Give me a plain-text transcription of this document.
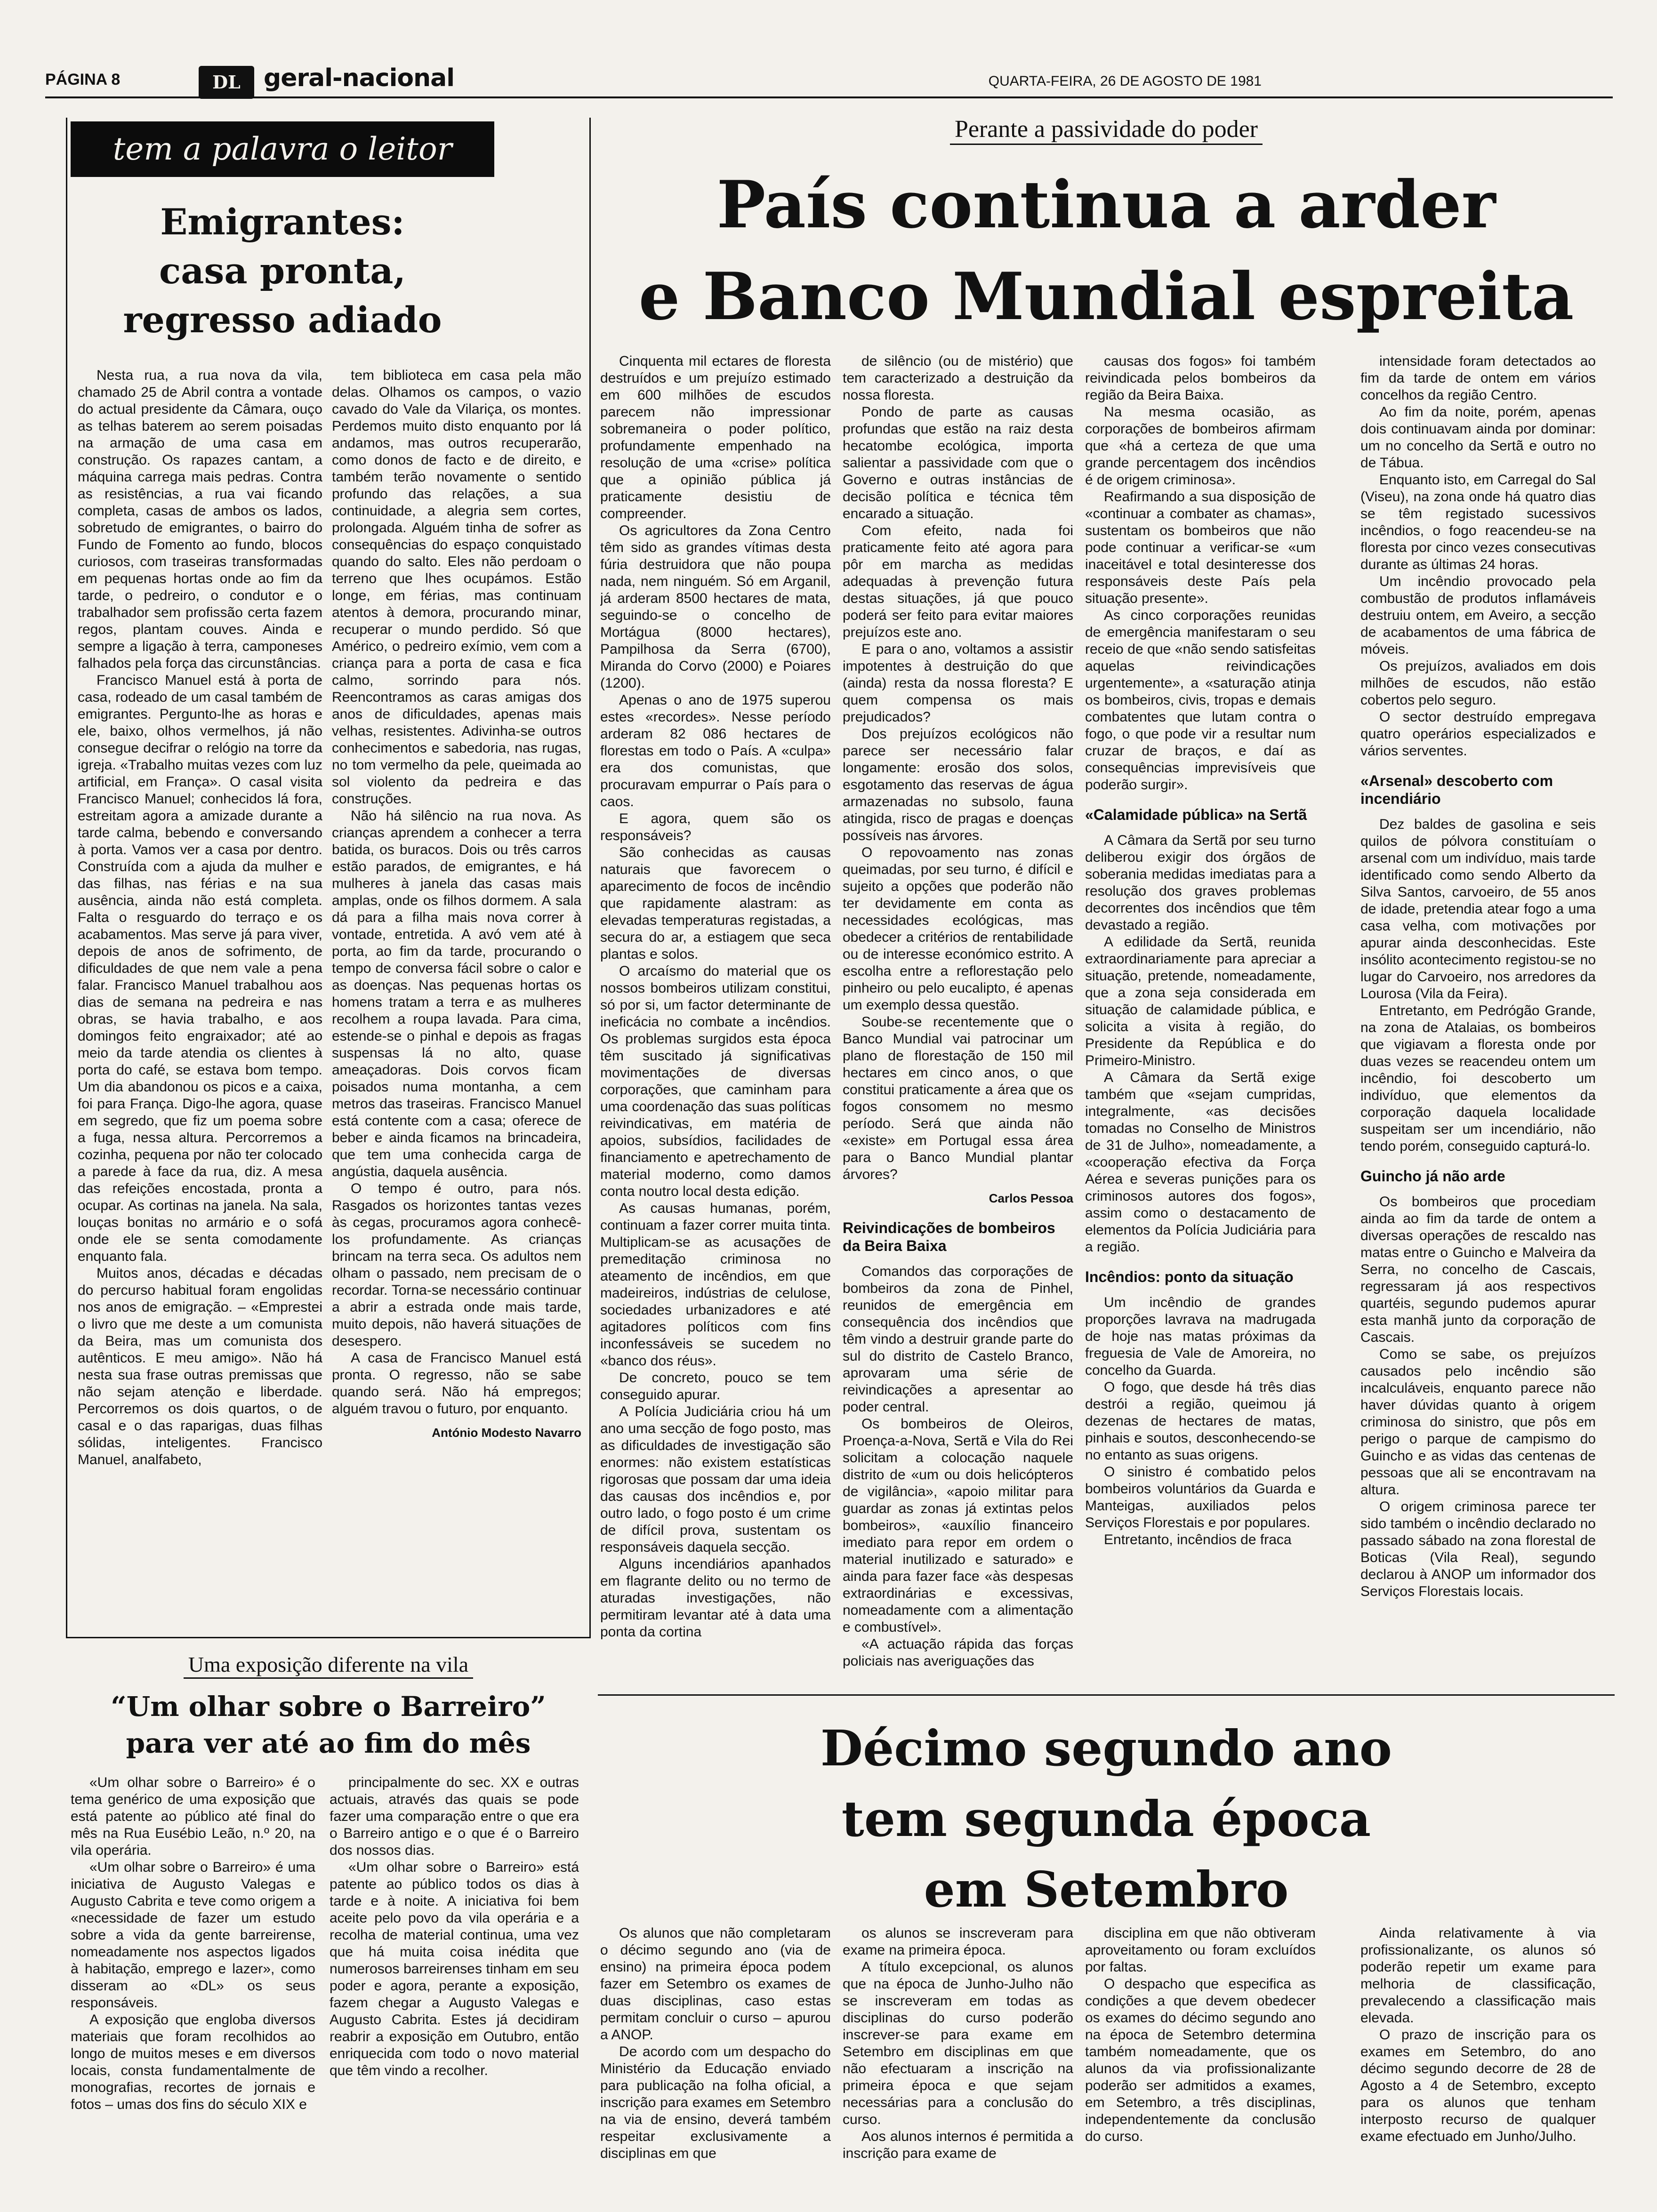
PÁGINA 8	DL geral-nacional	QUARTA-FEIRA, 26 DE AGOSTO DE 1981
tem a palavra o leitor
Emigrantes:
casa pronta,
regresso adiado

Nesta rua, a rua nova da vila, chamado 25 de Abril contra a vontade do actual presidente da Câmara, ouço as telhas baterem ao serem poisadas na armação de uma casa em construção. Os rapazes cantam, a máquina carrega mais pedras. Contra as resistências, a rua vai ficando completa, casas de ambos os lados, sobretudo de emigrantes, o bairro do Fundo de Fomento ao fundo, blocos curiosos, com traseiras transformadas em pequenas hortas onde ao fim da tarde, o pedreiro, o condutor e o trabalhador sem profissão certa fazem regos, plantam couves. Ainda e sempre a ligação à terra, camponeses falhados pela força das circunstâncias.

Francisco Manuel está à porta de casa, rodeado de um casal também de emigrantes. Pergunto-lhe as horas e ele, baixo, olhos vermelhos, já não consegue decifrar o relógio na torre da igreja. «Trabalho muitas vezes com luz artificial, em França». O casal visita Francisco Manuel; conhecidos lá fora, estreitam agora a amizade durante a tarde calma, bebendo e conversando à porta. Vamos ver a casa por dentro. Construída com a ajuda da mulher e das filhas, nas férias e na sua ausência, ainda não está completa. Falta o resguardo do terraço e os acabamentos. Mas serve já para viver, depois de anos de sofrimento, de dificuldades de que nem vale a pena falar. Francisco Manuel trabalhou aos dias de semana na pedreira e nas obras, se havia trabalho, e aos domingos feito engraixador; até ao meio da tarde atendia os clientes à porta do café, se estava bom tempo. Um dia abandonou os picos e a caixa, foi para França. Digo-lhe agora, quase em segredo, que fiz um poema sobre a fuga, nessa altura. Percorremos a cozinha, pequena por não ter colocado a parede à face da rua, diz. A mesa das refeições encostada, pronta a ocupar. As cortinas na janela. Na sala, louças bonitas no armário e o sofá onde ele se senta comodamente enquanto fala.

Muitos anos, décadas e décadas do percurso habitual foram engolidas nos anos de emigração. – «Emprestei o livro que me deste a um comunista da Beira, mas um comunista dos autênticos. E meu amigo». Não há nesta sua frase outras premissas que não sejam atenção e liberdade. Percorremos os dois quartos, o de casal e o das raparigas, duas filhas sólidas, inteligentes. Francisco Manuel, analfabeto,

tem biblioteca em casa pela mão delas. Olhamos os campos, o vazio cavado do Vale da Vilariça, os montes. Perdemos muito disto enquanto por lá andamos, mas outros recuperarão, como donos de facto e de direito, e também terão novamente o sentido profundo das relações, a sua continuidade, a alegria sem cortes, prolongada. Alguém tinha de sofrer as consequências do espaço conquistado quando do salto. Eles não perdoam o terreno que lhes ocupámos. Estão longe, em férias, mas continuam atentos à demora, procurando minar, recuperar o mundo perdido. Só que Américo, o pedreiro exímio, vem com a criança para a porta de casa e fica calmo, sorrindo para nós. Reencontramos as caras amigas dos anos de dificuldades, apenas mais velhas, resistentes. Adivinha-se outros conhecimentos e sabedoria, nas rugas, no tom vermelho da pele, queimada ao sol violento da pedreira e das construções.

Não há silêncio na rua nova. As crianças aprendem a conhecer a terra batida, os buracos. Dois ou três carros estão parados, de emigrantes, e há mulheres à janela das casas mais amplas, onde os filhos dormem. A sala dá para a filha mais nova correr à vontade, entretida. A avó vem até à porta, ao fim da tarde, procurando o tempo de conversa fácil sobre o calor e as doenças. Nas pequenas hortas os homens tratam a terra e as mulheres recolhem a roupa lavada. Para cima, estende-se o pinhal e depois as fragas suspensas lá no alto, quase ameaçadoras. Dois corvos ficam poisados numa montanha, a cem metros das traseiras. Francisco Manuel está contente com a casa; oferece de beber e ainda ficamos na brincadeira, que tem uma conhecida carga de angústia, daquela ausência.

O tempo é outro, para nós. Rasgados os horizontes tantas vezes às cegas, procuramos agora conhecê-los profundamente. As crianças brincam na terra seca. Os adultos nem olham o passado, nem precisam de o recordar. Torna-se necessário continuar a abrir a estrada onde mais tarde, muito depois, não haverá situações de desespero.

A casa de Francisco Manuel está pronta. O regresso, não se sabe quando será. Não há empregos; alguém travou o futuro, por enquanto.

António Modesto Navarro

Perante a passividade do poder
País continua a arder
e Banco Mundial espreita

Cinquenta mil ectares de floresta destruídos e um prejuízo estimado em 600 milhões de escudos parecem não impressionar sobremaneira o poder político, profundamente empenhado na resolução de uma «crise» política que a opinião pública já praticamente desistiu de compreender.

Os agricultores da Zona Centro têm sido as grandes vítimas desta fúria destruidora que não poupa nada, nem ninguém. Só em Arganil, já arderam 8500 hectares de mata, seguindo-se o concelho de Mortágua (8000 hectares), Pampilhosa da Serra (6700), Miranda do Corvo (2000) e Poiares (1200).

Apenas o ano de 1975 superou estes «recordes». Nesse período arderam 82 086 hectares de florestas em todo o País. A «culpa» era dos comunistas, que procuravam empurrar o País para o caos.

E agora, quem são os responsáveis?

São conhecidas as causas naturais que favorecem o aparecimento de focos de incêndio que rapidamente alastram: as elevadas temperaturas registadas, a secura do ar, a estiagem que seca plantas e solos.

O arcaísmo do material que os nossos bombeiros utilizam constitui, só por si, um factor determinante de ineficácia no combate a incêndios. Os problemas surgidos esta época têm suscitado já significativas movimentações de diversas corporações, que caminham para uma coordenação das suas políticas reivindicativas, em matéria de apoios, subsídios, facilidades de financiamento e apetrechamento de material moderno, como damos conta noutro local desta edição.

As causas humanas, porém, continuam a fazer correr muita tinta. Multiplicam-se as acusações de premeditação criminosa no ateamento de incêndios, em que madeireiros, indústrias de celulose, sociedades urbanizadores e até agitadores políticos com fins inconfessáveis se sucedem no «banco dos réus».

De concreto, pouco se tem conseguido apurar.

A Polícia Judiciária criou há um ano uma secção de fogo posto, mas as dificuldades de investigação são enormes: não existem estatísticas rigorosas que possam dar uma ideia das causas dos incêndios e, por outro lado, o fogo posto é um crime de difícil prova, sustentam os responsáveis daquela secção.

Alguns incendiários apanhados em flagrante delito ou no termo de aturadas investigações, não permitiram levantar até à data uma ponta da cortina

de silêncio (ou de mistério) que tem caracterizado a destruição da nossa floresta.

Pondo de parte as causas profundas que estão na raiz desta hecatombe ecológica, importa salientar a passividade com que o Governo e outras instâncias de decisão política e técnica têm encarado a situação.

Com efeito, nada foi praticamente feito até agora para pôr em marcha as medidas adequadas à prevenção futura destas situações, já que pouco poderá ser feito para evitar maiores prejuízos este ano.

E para o ano, voltamos a assistir impotentes à destruição do que (ainda) resta da nossa floresta? E quem compensa os mais prejudicados?

Dos prejuízos ecológicos não parece ser necessário falar longamente: erosão dos solos, esgotamento das reservas de água armazenadas no subsolo, fauna atingida, risco de pragas e doenças possíveis nas árvores.

O repovoamento nas zonas queimadas, por seu turno, é difícil e sujeito a opções que poderão não ter devidamente em conta as necessidades ecológicas, mas obedecer a critérios de rentabilidade ou de interesse económico estrito. A escolha entre a reflorestação pelo pinheiro ou pelo eucalipto, é apenas um exemplo dessa questão.

Soube-se recentemente que o Banco Mundial vai patrocinar um plano de florestação de 150 mil hectares em cinco anos, o que constitui praticamente a área que os fogos consomem no mesmo período. Será que ainda não «existe» em Portugal essa área para o Banco Mundial plantar árvores?

Carlos Pessoa

Reivindicações de bombeiros da Beira Baixa

Comandos das corporações de bombeiros da zona de Pinhel, reunidos de emergência em consequência dos incêndios que têm vindo a destruir grande parte do sul do distrito de Castelo Branco, aprovaram uma série de reivindicações a apresentar ao poder central.

Os bombeiros de Oleiros, Proença-a-Nova, Sertã e Vila do Rei solicitam a colocação naquele distrito de «um ou dois helicópteros de vigilância», «apoio militar para guardar as zonas já extintas pelos bombeiros», «auxílio financeiro imediato para repor em ordem o material inutilizado e saturado» e ainda para fazer face «às despesas extraordinárias e excessivas, nomeadamente com a alimentação e combustível».

«A actuação rápida das forças policiais nas averiguações das

causas dos fogos» foi também reivindicada pelos bombeiros da região da Beira Baixa.

Na mesma ocasião, as corporações de bombeiros afirmam que «há a certeza de que uma grande percentagem dos incêndios é de origem criminosa».

Reafirmando a sua disposição de «continuar a combater as chamas», sustentam os bombeiros que não pode continuar a verificar-se «um inaceitável e total desinteresse dos responsáveis deste País pela situação presente».

As cinco corporações reunidas de emergência manifestaram o seu receio de que «não sendo satisfeitas aquelas reivindicações urgentemente», a «saturação atinja os bombeiros, civis, tropas e demais combatentes que lutam contra o fogo, o que pode vir a resultar num cruzar de braços, e daí as consequências imprevisíveis que poderão surgir».

«Calamidade pública» na Sertã

A Câmara da Sertã por seu turno deliberou exigir dos órgãos de soberania medidas imediatas para a resolução dos graves problemas decorrentes dos incêndios que têm devastado a região.

A edilidade da Sertã, reunida extraordinariamente para apreciar a situação, pretende, nomeadamente, que a zona seja considerada em situação de calamidade pública, e solicita a visita à região, do Presidente da República e do Primeiro-Ministro.

A Câmara da Sertã exige também que «sejam cumpridas, integralmente, «as decisões tomadas no Conselho de Ministros de 31 de Julho», nomeadamente, a «cooperação efectiva da Força Aérea e severas punições para os criminosos autores dos fogos», assim como o destacamento de elementos da Polícia Judiciária para a região.

Incêndios: ponto da situação

Um incêndio de grandes proporções lavrava na madrugada de hoje nas matas próximas da freguesia de Vale de Amoreira, no concelho da Guarda.

O fogo, que desde há três dias destrói a região, queimou já dezenas de hectares de matas, pinhais e soutos, desconhecendo-se no entanto as suas origens.

O sinistro é combatido pelos bombeiros voluntários da Guarda e Manteigas, auxiliados pelos Serviços Florestais e por populares.

Entretanto, incêndios de fraca

intensidade foram detectados ao fim da tarde de ontem em vários concelhos da região Centro.

Ao fim da noite, porém, apenas dois continuavam ainda por dominar: um no concelho da Sertã e outro no de Tábua.

Enquanto isto, em Carregal do Sal (Viseu), na zona onde há quatro dias se têm registado sucessivos incêndios, o fogo reacendeu-se na floresta por cinco vezes consecutivas durante as últimas 24 horas.

Um incêndio provocado pela combustão de produtos inflamáveis destruiu ontem, em Aveiro, a secção de acabamentos de uma fábrica de móveis.

Os prejuízos, avaliados em dois milhões de escudos, não estão cobertos pelo seguro.

O sector destruído empregava quatro operários especializados e vários serventes.

«Arsenal» descoberto com incendiário

Dez baldes de gasolina e seis quilos de pólvora constituíam o arsenal com um indivíduo, mais tarde identificado como sendo Alberto da Silva Santos, carvoeiro, de 55 anos de idade, pretendia atear fogo a uma casa velha, com motivações por apurar ainda desconhecidas. Este insólito acontecimento registou-se no lugar do Carvoeiro, nos arredores da Lourosa (Vila da Feira).

Entretanto, em Pedrógão Grande, na zona de Atalaias, os bombeiros que vigiavam a floresta onde por duas vezes se reacendeu ontem um incêndio, foi descoberto um indivíduo, que elementos da corporação daquela localidade suspeitam ser um incendiário, não tendo porém, conseguido capturá-lo.

Guincho já não arde

Os bombeiros que procediam ainda ao fim da tarde de ontem a diversas operações de rescaldo nas matas entre o Guincho e Malveira da Serra, no concelho de Cascais, regressaram já aos respectivos quartéis, segundo pudemos apurar esta manhã junto da corporação de Cascais.

Como se sabe, os prejuízos causados pelo incêndio são incalculáveis, enquanto parece não haver dúvidas quanto à origem criminosa do sinistro, que pôs em perigo o parque de campismo do Guincho e as vidas das centenas de pessoas que ali se encontravam na altura.

O origem criminosa parece ter sido também o incêndio declarado no passado sábado na zona florestal de Boticas (Vila Real), segundo declarou à ANOP um informador dos Serviços Florestais locais.

Uma exposição diferente na vila
“Um olhar sobre o Barreiro”
para ver até ao fim do mês

«Um olhar sobre o Barreiro» é o tema genérico de uma exposição que está patente ao público até final do mês na Rua Eusébio Leão, n.º 20, na vila operária.

«Um olhar sobre o Barreiro» é uma iniciativa de Augusto Valegas e Augusto Cabrita e teve como origem a «necessidade de fazer um estudo sobre a vida da gente barreirense, nomeadamente nos aspectos ligados à habitação, emprego e lazer», como disseram ao «DL» os seus responsáveis.

A exposição que engloba diversos materiais que foram recolhidos ao longo de muitos meses e em diversos locais, consta fundamentalmente de monografias, recortes de jornais e fotos – umas dos fins do século XIX e

principalmente do sec. XX e outras actuais, através das quais se pode fazer uma comparação entre o que era o Barreiro antigo e o que é o Barreiro dos nossos dias.

«Um olhar sobre o Barreiro» está patente ao público todos os dias à tarde e à noite. A iniciativa foi bem aceite pelo povo da vila operária e a recolha de material continua, uma vez que há muita coisa inédita que numerosos barreirenses tinham em seu poder e agora, perante a exposição, fazem chegar a Augusto Valegas e Augusto Cabrita. Estes já decidiram reabrir a exposição em Outubro, então enriquecida com todo o novo material que têm vindo a recolher.

Décimo segundo ano
tem segunda época
em Setembro

Os alunos que não completaram o décimo segundo ano (via de ensino) na primeira época podem fazer em Setembro os exames de duas disciplinas, caso estas permitam concluir o curso – apurou a ANOP.

De acordo com um despacho do Ministério da Educação enviado para publicação na folha oficial, a inscrição para exames em Setembro na via de ensino, deverá também respeitar exclusivamente a disciplinas em que

os alunos se inscreveram para exame na primeira época.

A título excepcional, os alunos que na época de Junho-Julho não se inscreveram em todas as disciplinas do curso poderão inscrever-se para exame em Setembro em disciplinas em que não efectuaram a inscrição na primeira época e que sejam necessárias para a conclusão do curso.

Aos alunos internos é permitida a inscrição para exame de

disciplina em que não obtiveram aproveitamento ou foram excluídos por faltas.

O despacho que especifica as condições a que devem obedecer os exames do décimo segundo ano na época de Setembro determina também nomeadamente, que os alunos da via profissionalizante poderão ser admitidos a exames, em Setembro, a três disciplinas, independentemente da conclusão do curso.

Ainda relativamente à via profissionalizante, os alunos só poderão repetir um exame para melhoria de classificação, prevalecendo a classificação mais elevada.

O prazo de inscrição para os exames em Setembro, do ano décimo segundo decorre de 28 de Agosto a 4 de Setembro, excepto para os alunos que tenham interposto recurso de qualquer exame efectuado em Junho/Julho.
